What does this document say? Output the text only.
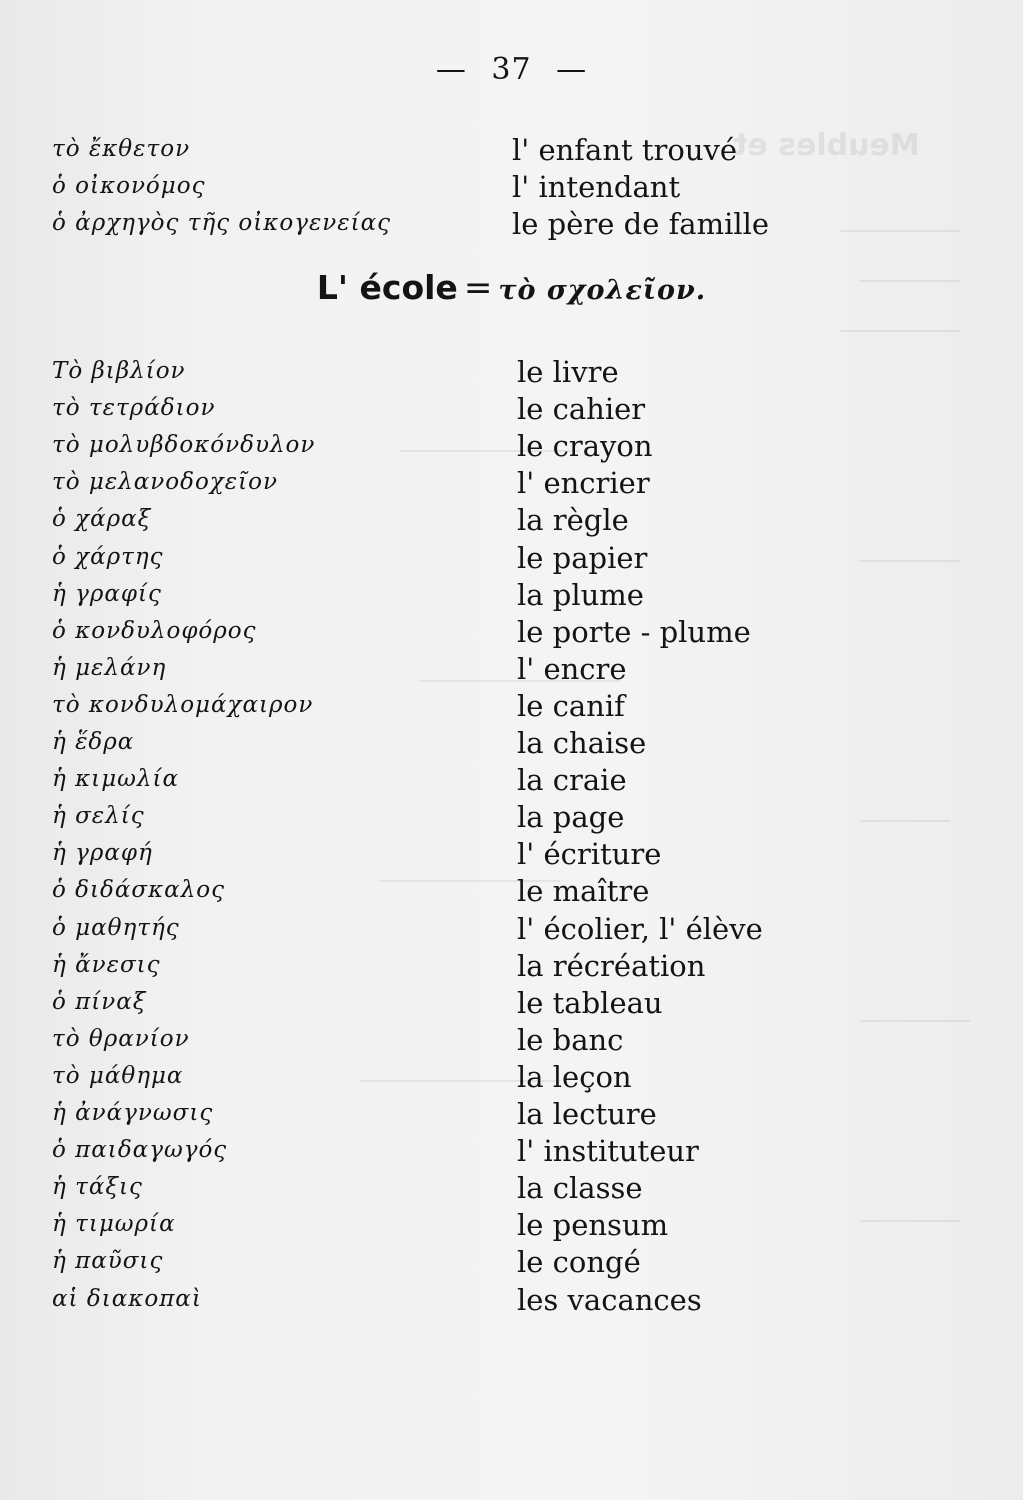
Meubles et
— 37 —
τὸ ἔκθετον	l' enfant trouvé
ὁ οἰκονόμος	l' intendant
ὁ ἀρχηγὸς τῆς οἰκογενείας	le père de famille
L' école = τὸ σχολεῖον.
Τὸ βιβλίον	le livre
τὸ τετράδιον	le cahier
τὸ μολυβδοκόνδυλον	le crayon
τὸ μελανοδοχεῖον	l' encrier
ὁ χάραξ	la règle
ὁ χάρτης	le papier
ἡ γραφίς	la plume
ὁ κονδυλοφόρος	le porte - plume
ἡ μελάνη	l' encre
τὸ κονδυλομάχαιρον	le canif
ἡ ἕδρα	la chaise
ἡ κιμωλία	la craie
ἡ σελίς	la page
ἡ γραφή	l' écriture
ὁ διδάσκαλος	le maître
ὁ μαθητής	l' écolier, l' élève
ἡ ἄνεσις	la récréation
ὁ πίναξ	le tableau
τὸ θρανίον	le banc
τὸ μάθημα	la leçon
ἡ ἀνάγνωσις	la lecture
ὁ παιδαγωγός	l' instituteur
ἡ τάξις	la classe
ἡ τιμωρία	le pensum
ἡ παῦσις	le congé
αἱ διακοπαὶ	les vacances
